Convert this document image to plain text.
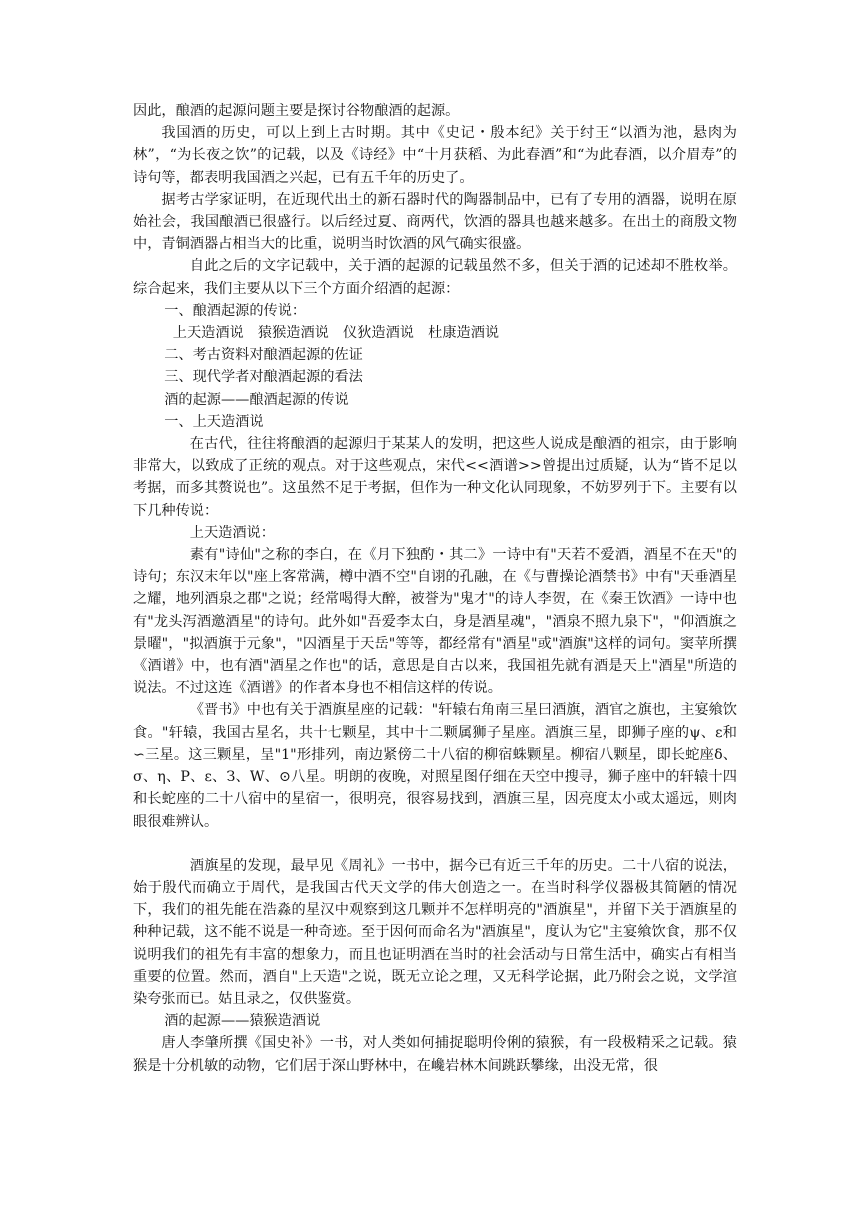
因此，酿酒的起源问题主要是探讨谷物酿酒的起源。

我国酒的历史，可以上到上古时期。其中《史记・殷本纪》关于纣王“以酒为池，悬肉为林”，“为长夜之饮”的记载，以及《诗经》中“十月获稻、为此春酒”和“为此春酒，以介眉寿”的诗句等，都表明我国酒之兴起，已有五千年的历史了。

据考古学家证明，在近现代出土的新石器时代的陶器制品中，已有了专用的酒器，说明在原始社会，我国酿酒已很盛行。以后经过夏、商两代，饮酒的器具也越来越多。在出土的商殷文物中，青铜酒器占相当大的比重，说明当时饮酒的风气确实很盛。

自此之后的文字记载中，关于酒的起源的记载虽然不多，但关于酒的记述却不胜枚举。综合起来，我们主要从以下三个方面介绍酒的起源：

一、酿酒起源的传说：

上天造酒说　猿猴造酒说　仪狄造酒说　杜康造酒说

二、考古资料对酿酒起源的佐证

三、现代学者对酿酒起源的看法

酒的起源——酿酒起源的传说

一、上天造酒说

在古代，往往将酿酒的起源归于某某人的发明，把这些人说成是酿酒的祖宗，由于影响非常大，以致成了正统的观点。对于这些观点，宋代<<酒谱>>曾提出过质疑，认为“皆不足以考据，而多其赘说也”。这虽然不足于考据，但作为一种文化认同现象，不妨罗列于下。主要有以下几种传说：

上天造酒说：

素有"诗仙"之称的李白，在《月下独酌・其二》一诗中有"天若不爱酒，酒星不在天"的诗句；东汉末年以"座上客常满，樽中酒不空"自诩的孔融，在《与曹操论酒禁书》中有"天垂酒星之耀，地列酒泉之郡"之说；经常喝得大醉，被誉为"鬼才"的诗人李贺，在《秦王饮酒》一诗中也有"龙头泻酒邀酒星"的诗句。此外如"吾爱李太白，身是酒星魂"，"酒泉不照九泉下"，"仰酒旗之景曜"，"拟酒旗于元象"，"囚酒星于天岳"等等，都经常有"酒星"或"酒旗"这样的词句。窦苹所撰《酒谱》中，也有酒"酒星之作也"的话，意思是自古以来，我国祖先就有酒是天上"酒星"所造的说法。不过这连《酒谱》的作者本身也不相信这样的传说。

《晋书》中也有关于酒旗星座的记载："轩辕右角南三星曰酒旗，酒官之旗也，主宴飨饮食。"轩辕，我国古星名，共十七颗星，其中十二颗属狮子星座。酒旗三星，即狮子座的ψ、ε和∽三星。这三颗星，呈"1"形排列，南边紧傍二十八宿的柳宿蛛颗星。柳宿八颗星，即长蛇座δ、σ、η、Ρ、ε、З、W、⊙八星。明朗的夜晚，对照星图仔细在天空中搜寻，狮子座中的轩辕十四和长蛇座的二十八宿中的星宿一，很明亮，很容易找到，酒旗三星，因亮度太小或太遥远，则肉眼很难辨认。

酒旗星的发现，最早见《周礼》一书中，据今已有近三千年的历史。二十八宿的说法，始于殷代而确立于周代，是我国古代天文学的伟大创造之一。在当时科学仪器极其简陋的情况下，我们的祖先能在浩淼的星汉中观察到这几颗并不怎样明亮的"酒旗星"，并留下关于酒旗星的种种记载，这不能不说是一种奇迹。至于因何而命名为"酒旗星"，度认为它"主宴飨饮食，那不仅说明我们的祖先有丰富的想象力，而且也证明酒在当时的社会活动与日常生活中，确实占有相当重要的位置。然而，酒自"上天造"之说，既无立论之理，又无科学论据，此乃附会之说，文学渲染夸张而已。姑且录之，仅供鉴赏。

酒的起源——猿猴造酒说

唐人李肇所撰《国史补》一书，对人类如何捕捉聪明伶俐的猿猴，有一段极精采之记载。猿猴是十分机敏的动物，它们居于深山野林中，在巉岩林木间跳跃攀缘，出没无常，很
